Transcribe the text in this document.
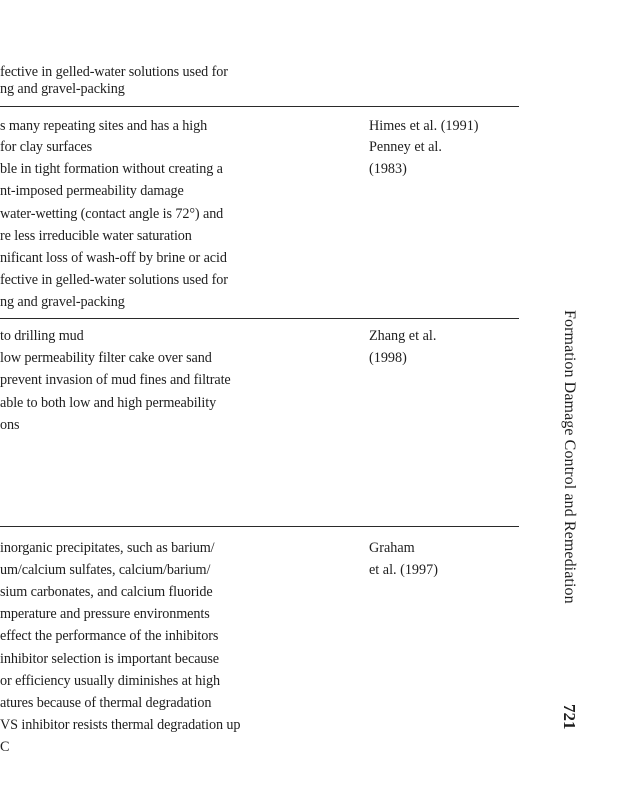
fective in gelled-water solutions used for
ng and gravel-packing
s many repeating sites and has a high
for clay surfaces
ble in tight formation without creating a
nt-imposed permeability damage
water-wetting (contact angle is 72°) and
re less irreducible water saturation
nificant loss of wash-off by brine or acid
fective in gelled-water solutions used for
ng and gravel-packing
Himes et al. (1991)
Penney et al.
(1983)
to drilling mud
low permeability filter cake over sand
prevent invasion of mud fines and filtrate
able to both low and high permeability
ons
Zhang et al.
(1998)
inorganic precipitates, such as barium/
um/calcium sulfates, calcium/barium/
sium carbonates, and calcium fluoride
mperature and pressure environments
effect the performance of the inhibitors
inhibitor selection is important because
or efficiency usually diminishes at high
atures because of thermal degradation
VS inhibitor resists thermal degradation up
C
Graham
et al. (1997)	Formation Damage Control and Remediation
721
